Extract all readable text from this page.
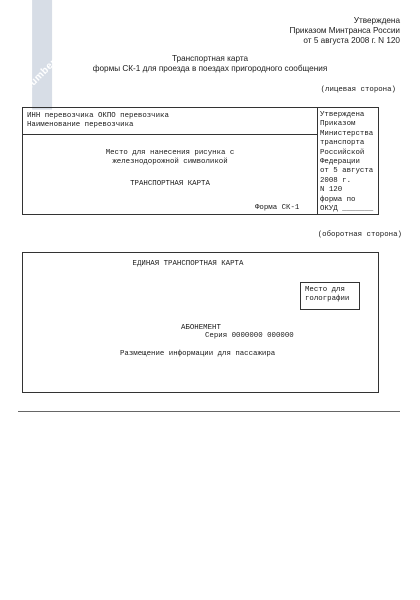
NoNumber.ru
Утверждена
Приказом Минтранса России
от 5 августа 2008 г. N 120
Транспортная карта
формы СК-1 для проезда в поездах пригородного сообщения
(лицевая сторона)
ИНН перевозчика ОКПО перевозчика
Наименование перевозчика
Место для нанесения рисунка с
железнодорожной символикой
ТРАНСПОРТНАЯ КАРТА
Форма СК-1
Утверждена
Приказом
Министерства
транспорта
Российской
Федерации
от 5 августа
2008 г.
N 120
форма по
ОКУД _______
(оборотная сторона)
ЕДИНАЯ ТРАНСПОРТНАЯ КАРТА
Место для
голографии
АБОНЕМЕНТ
Серия 0000000 000000
Размещение информации для пассажира
